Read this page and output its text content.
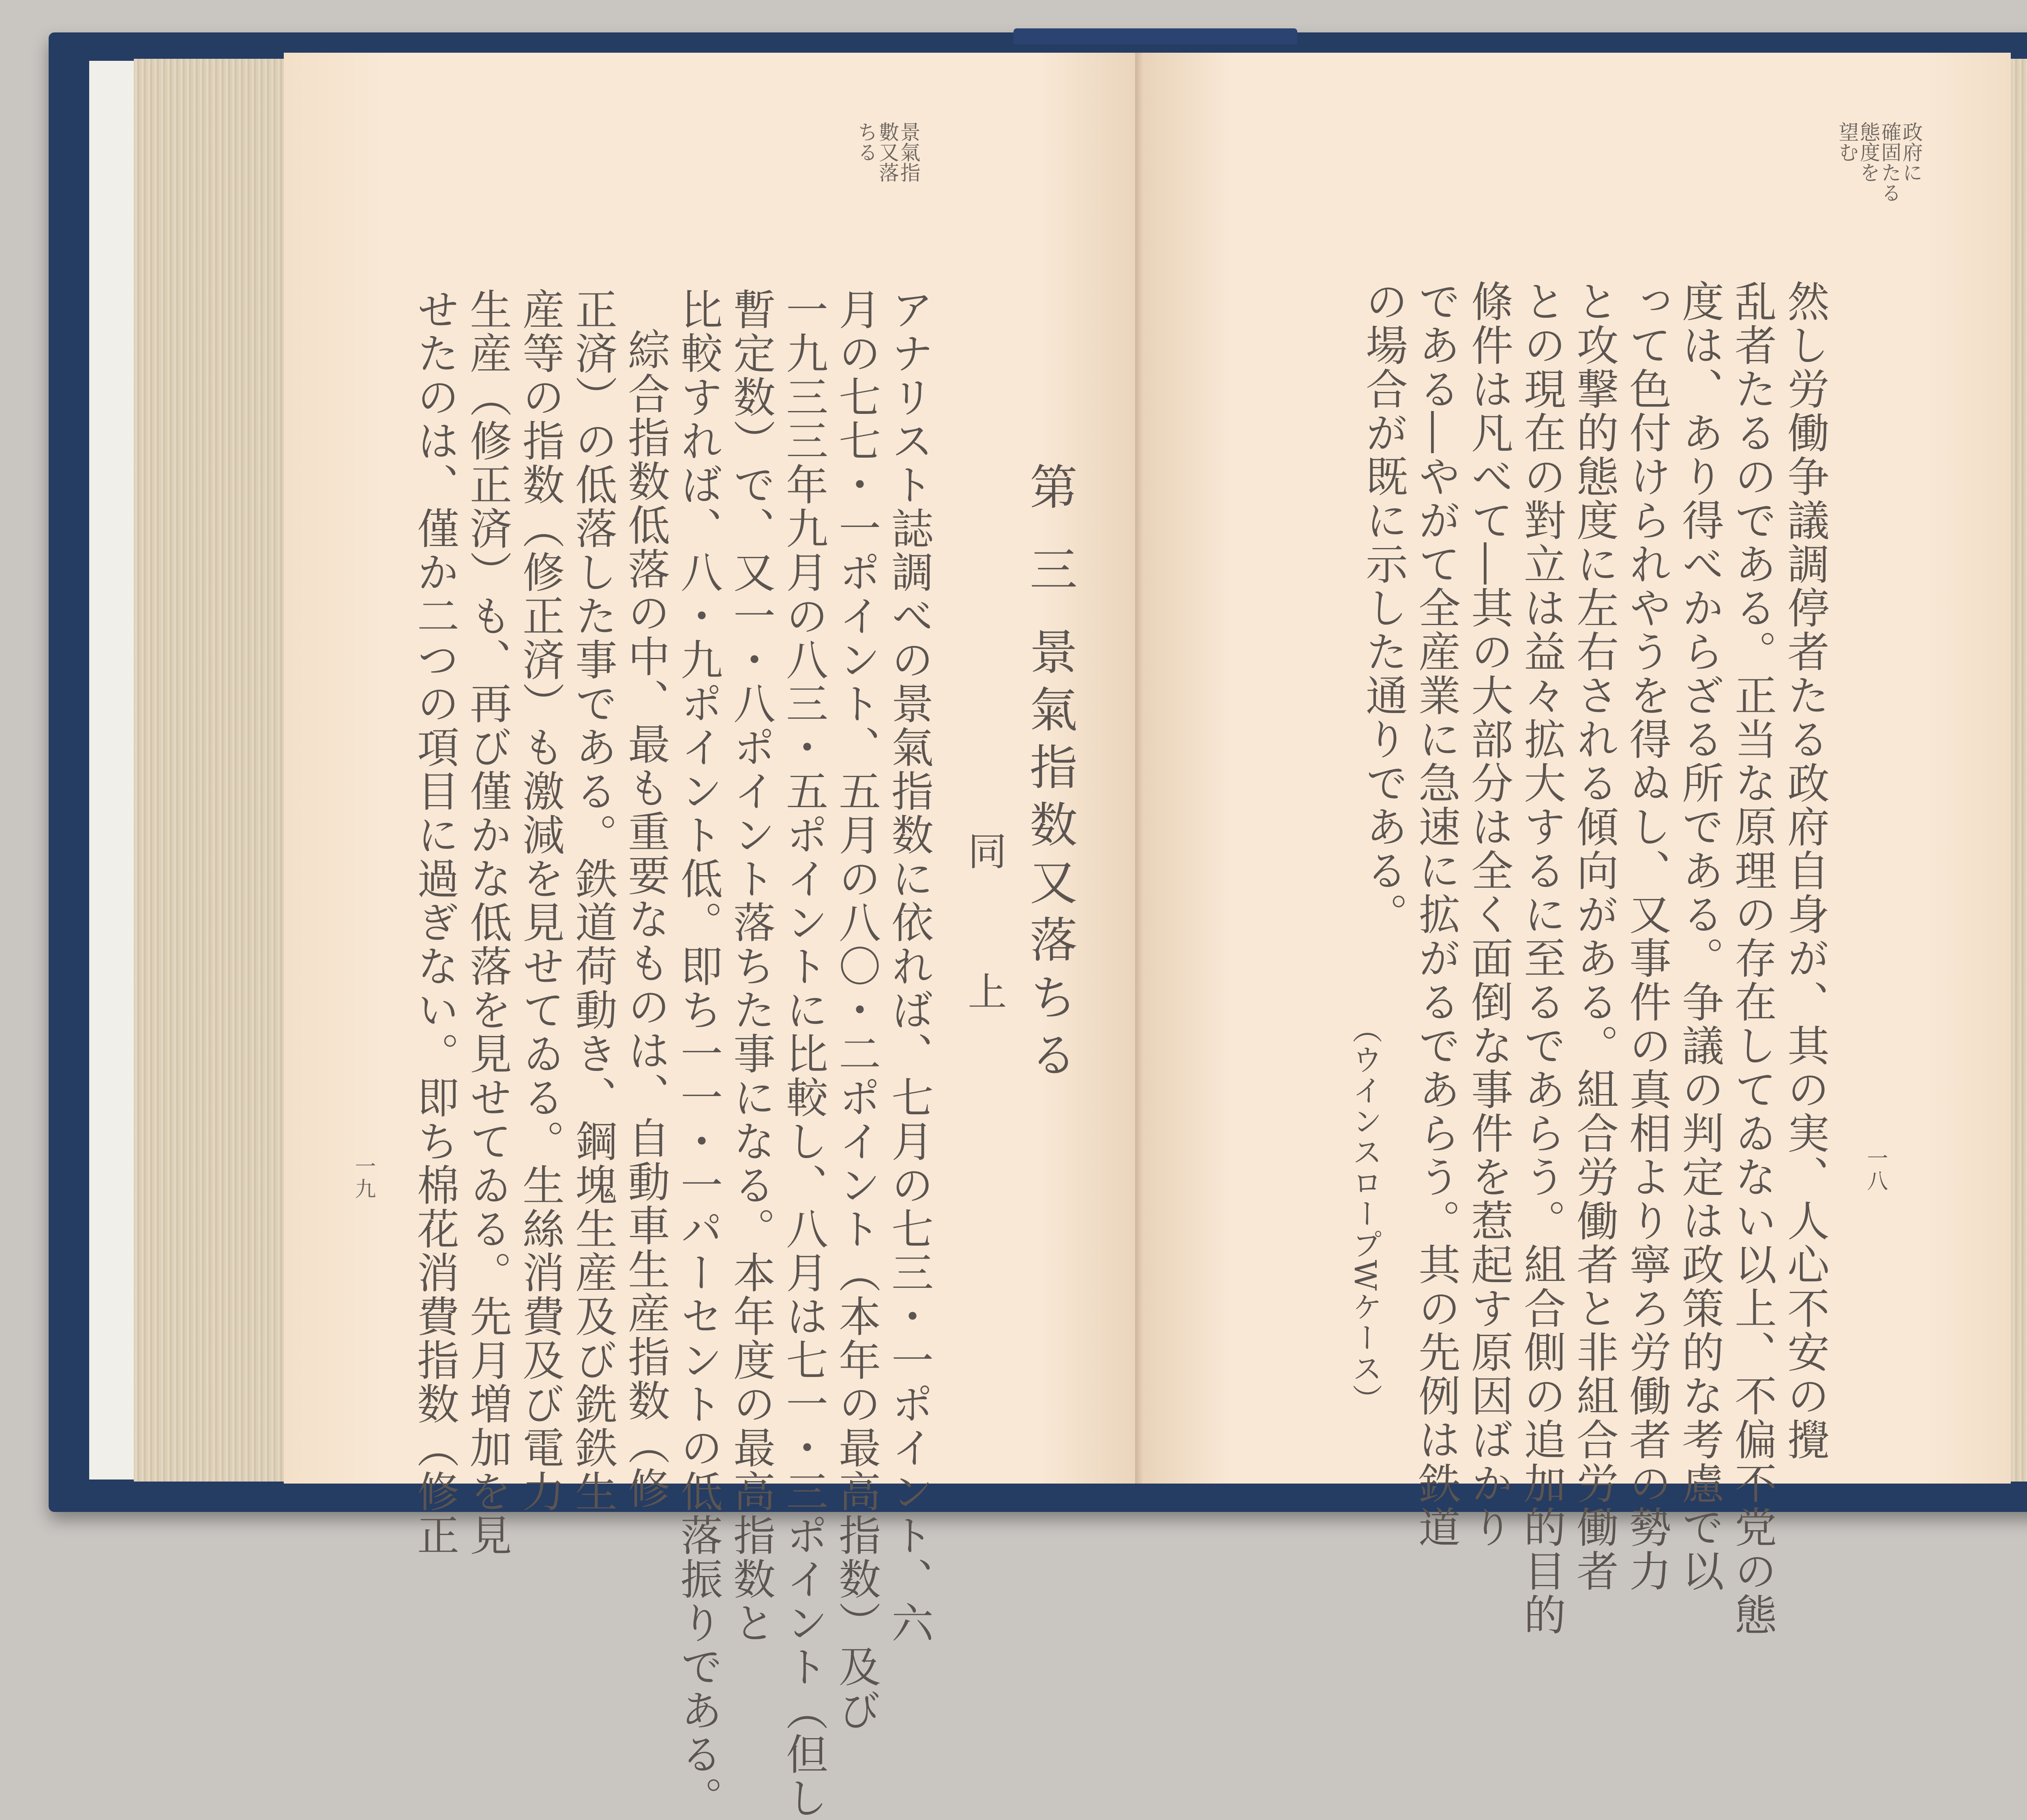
景氣指
數又落
ちる
第 三 景氣指数又落ちる
同 上
アナリスト誌調べの景氣指数に依れば、七月の七三・一ポイント、六
月の七七・一ポイント、五月の八〇・二ポイント（本年の最高指数）及び
一九三三年九月の八三・五ポイントに比較し、八月は七一・三ポイント（但し
暫定数）で、又一・八ポイント落ちた事になる。本年度の最高指数と
比較すれば、八・九ポイント低。即ち一一・一パーセントの低落振りである。
綜合指数低落の中、最も重要なものは、自動車生産指数（修
正済）の低落した事である。鉄道荷動き、鋼塊生産及び銑鉄生
産等の指数（修正済）も激減を見せてゐる。生絲消費及び電力
生産（修正済）も、再び僅かな低落を見せてゐる。先月増加を見
せたのは、僅か二つの項目に過ぎない。即ち棉花消費指数（修正
一九
政府に
確固たる
態度を
望む
一八
然し労働争議調停者たる政府自身が、其の実、人心不安の攪
乱者たるのである。正当な原理の存在してゐない以上、不偏不党の態
度は、あり得べからざる所である。争議の判定は政策的な考慮で以
って色付けられやうを得ぬし、又事件の真相より寧ろ労働者の勢力
と攻撃的態度に左右される傾向がある。組合労働者と非組合労働者
との現在の對立は益々拡大するに至るであらう。組合側の追加的目的
條件は凡べて―其の大部分は全く面倒な事件を惹起す原因ばかり
である―やがて全産業に急速に拡がるであらう。其の先例は鉄道
の場合が既に示した通りである。
（ウインスロープWケース）
